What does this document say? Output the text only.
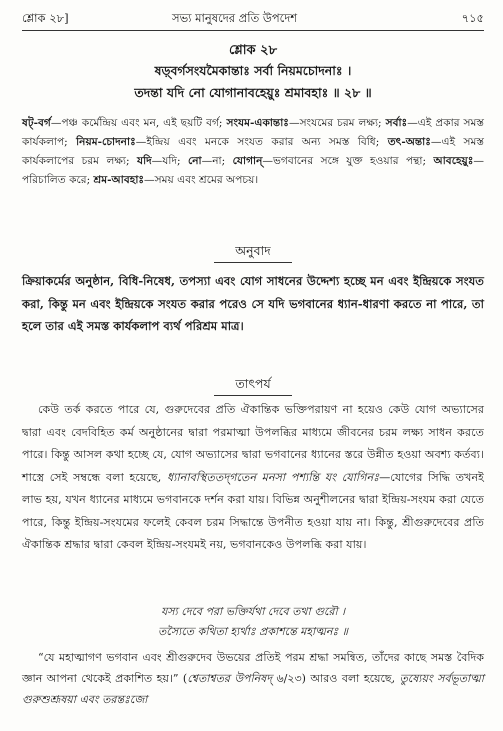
শ্লোক ২৮]	সভ্য মানুষদের প্রতি উপদেশ	৭১৫
শ্লোক ২৮
ষড়্‌বর্গসংযমৈকান্তাঃ সর্বা নিয়মচোদনাঃ ।
তদন্তা যদি নো যোগানাবহেয়ুঃ শ্রমাবহাঃ ॥ ২৮ ॥
ষট্‌-বর্গ—পঞ্চ কর্মেন্দ্রিয় এবং মন, এই ছয়টি বর্গ; সংযম-একান্তাঃ—সংযমের চরম লক্ষ্য; সর্বাঃ—এই প্রকার সমস্ত কার্যকলাপ; নিয়ম-চোদনাঃ—ইন্দ্রিয় এবং মনকে সংযত করার অন্য সমস্ত বিধি; তৎ-অন্তাঃ—এই সমস্ত কার্যকলাপের চরম লক্ষ্য; যদি—যদি; নো—না; যোগান্‌—ভগবানের সঙ্গে যুক্ত হওয়ার পন্থা; আবহেয়ুঃ—পরিচালিত করে; শ্রম-আবহাঃ—সময় এবং শ্রমের অপচয়।
অনুবাদ
ক্রিয়াকর্মের অনুষ্ঠান, বিধি-নিষেধ, তপস্যা এবং যোগ সাধনের উদ্দেশ্য হচ্ছে মন এবং ইন্দ্রিয়কে সংযত করা, কিন্তু মন এবং ইন্দ্রিয়কে সংযত করার পরেও সে যদি ভগবানের ধ্যান-ধারণা করতে না পারে, তা হলে তার এই সমস্ত কার্যকলাপ ব্যর্থ পরিশ্রম মাত্র।
তাৎপর্য
কেউ তর্ক করতে পারে যে, গুরুদেবের প্রতি ঐকান্তিক ভক্তিপরায়ণ না হয়েও কেউ যোগ অভ্যাসের দ্বারা এবং বেদবিহিত কর্ম অনুষ্ঠানের দ্বারা পরমাত্মা উপলব্ধির মাধ্যমে জীবনের চরম লক্ষ্য সাধন করতে পারে। কিন্তু আসল কথা হচ্ছে যে, যোগ অভ্যাসের দ্বারা ভগবানের ধ্যানের স্তরে উন্নীত হওয়া অবশ্য কর্তব্য। শাস্ত্রে সেই সম্বন্ধে বলা হয়েছে, ধ্যানাবস্থিততদ্‌গতেন মনসা পশ্যন্তি যং যোগিনঃ—যোগের সিদ্ধি তখনই লাভ হয়, যখন ধ্যানের মাধ্যমে ভগবানকে দর্শন করা যায়। বিভিন্ন অনুশীলনের দ্বারা ইন্দ্রিয়-সংযম করা যেতে পারে, কিন্তু ইন্দ্রিয়-সংযমের ফলেই কেবল চরম সিদ্ধান্তে উপনীত হওয়া যায় না। কিন্তু, শ্রীগুরুদেবের প্রতি ঐকান্তিক শ্রদ্ধার দ্বারা কেবল ইন্দ্রিয়-সংযমই নয়, ভগবানকেও উপলব্ধি করা যায়।
যস্য দেবে পরা ভক্তির্যথা দেবে তথা গুরৌ ।
তস্যৈতে কথিতা হ্যর্থাঃ প্রকাশন্তে মহাত্মনঃ ॥
“যে মহাত্মাগণ ভগবান এবং শ্রীগুরুদেব উভয়ের প্রতিই পরম শ্রদ্ধা সমন্বিত, তাঁদের কাছে সমস্ত বৈদিক জ্ঞান আপনা থেকেই প্রকাশিত হয়।” (শ্বেতাশ্বতর উপনিষদ্ ৬/২৩) আরও বলা হয়েছে, তুষ্যেয়ং সর্বভূতাত্মা গুরুশুশ্রূষয়া এবং তরন্তঃজো
